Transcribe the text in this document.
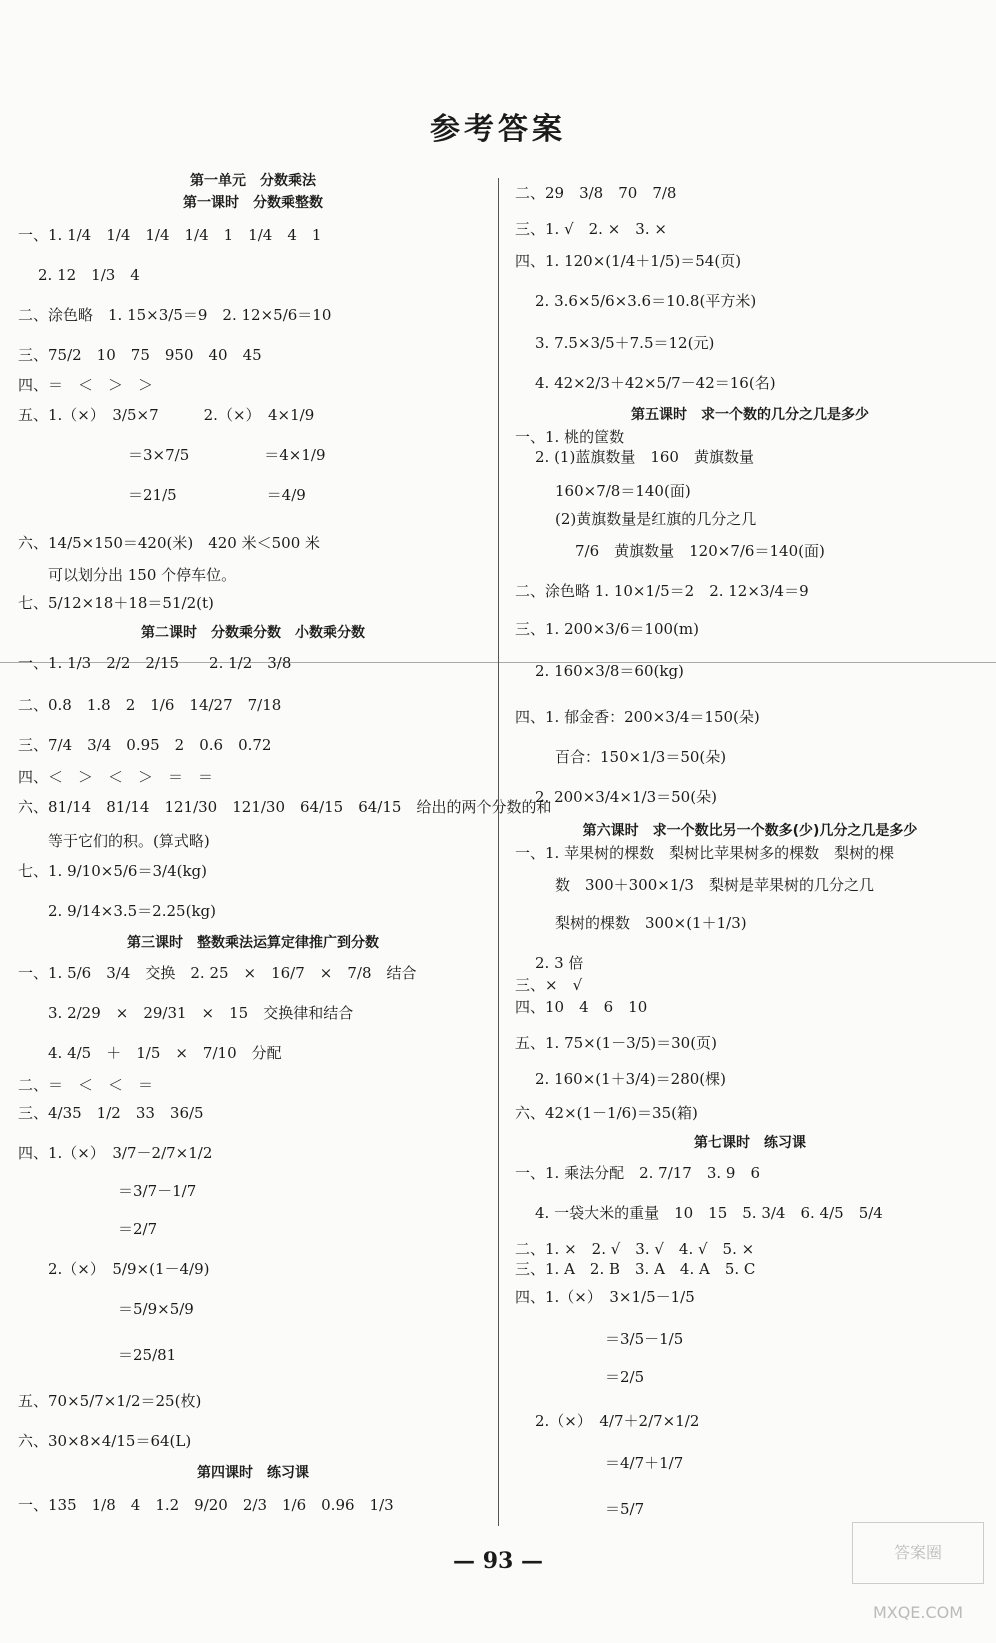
参考答案
第一单元　分数乘法
第一课时　分数乘整数
一、1. 1/4　1/4　1/4　1/4　1　1/4　4　1
2. 12　1/3　4
二、涂色略　1. 15×3/5＝9　2. 12×5/6＝10
三、75/2　10　75　950　40　45
四、＝　＜　＞　＞
五、1.（×）　3/5×7　　　2.（×）　4×1/9
＝3×7/5　　　　　＝4×1/9
＝21/5　　　　　　＝4/9
六、14/5×150＝420(米)　420 米＜500 米
可以划分出 150 个停车位。
七、5/12×18＋18＝51/2(t)
第二课时　分数乘分数　小数乘分数
一、1. 1/3　2/2　2/15　　2. 1/2　3/8
二、0.8　1.8　2　1/6　14/27　7/18
三、7/4　3/4　0.95　2　0.6　0.72
四、＜　＞　＜　＞　＝　＝
六、81/14　81/14　121/30　121/30　64/15　64/15　给出的两个分数的和
等于它们的积。(算式略)
七、1. 9/10×5/6＝3/4(kg)
2. 9/14×3.5＝2.25(kg)
第三课时　整数乘法运算定律推广到分数
一、1. 5/6　3/4　交换　2. 25　×　16/7　×　7/8　结合
3. 2/29　×　29/31　×　15　交换律和结合
4. 4/5　＋　1/5　×　7/10　分配
二、＝　＜　＜　＝
三、4/35　1/2　33　36/5
四、1.（×）　3/7－2/7×1/2
＝3/7－1/7
＝2/7
2.（×）　5/9×(1－4/9)
＝5/9×5/9
＝25/81
五、70×5/7×1/2＝25(枚)
六、30×8×4/15＝64(L)
第四课时　练习课
一、135　1/8　4　1.2　9/20　2/3　1/6　0.96　1/3
二、29　3/8　70　7/8
三、1. √　2. ×　3. ×
四、1. 120×(1/4＋1/5)＝54(页)
2. 3.6×5/6×3.6＝10.8(平方米)
3. 7.5×3/5＋7.5＝12(元)
4. 42×2/3＋42×5/7－42＝16(名)
第五课时　求一个数的几分之几是多少
一、1. 桃的筐数
2. (1)蓝旗数量　160　黄旗数量
160×7/8＝140(面)
(2)黄旗数量是红旗的几分之几
7/6　黄旗数量　120×7/6＝140(面)
二、涂色略 1. 10×1/5＝2　2. 12×3/4＝9
三、1. 200×3/6＝100(m)
2. 160×3/8＝60(kg)
四、1. 郁金香：200×3/4＝150(朵)
百合：150×1/3＝50(朵)
2. 200×3/4×1/3＝50(朵)
第六课时　求一个数比另一个数多(少)几分之几是多少
一、1. 苹果树的棵数　梨树比苹果树多的棵数　梨树的棵
数　300＋300×1/3　梨树是苹果树的几分之几
梨树的棵数　300×(1＋1/3)
2. 3 倍
三、×　√
四、10　4　6　10
五、1. 75×(1－3/5)＝30(页)
2. 160×(1＋3/4)＝280(棵)
六、42×(1－1/6)＝35(箱)
第七课时　练习课
一、1. 乘法分配　2. 7/17　3. 9　6
4. 一袋大米的重量　10　15　5. 3/4　6. 4/5　5/4
二、1. ×　2. √　3. √　4. √　5. ×
三、1. A　2. B　3. A　4. A　5. C
四、1.（×）　3×1/5－1/5
＝3/5－1/5
＝2/5
2.（×）　4/7＋2/7×1/2
＝4/7＋1/7
＝5/7
— 93 —	答案圈 MXQE.COM
